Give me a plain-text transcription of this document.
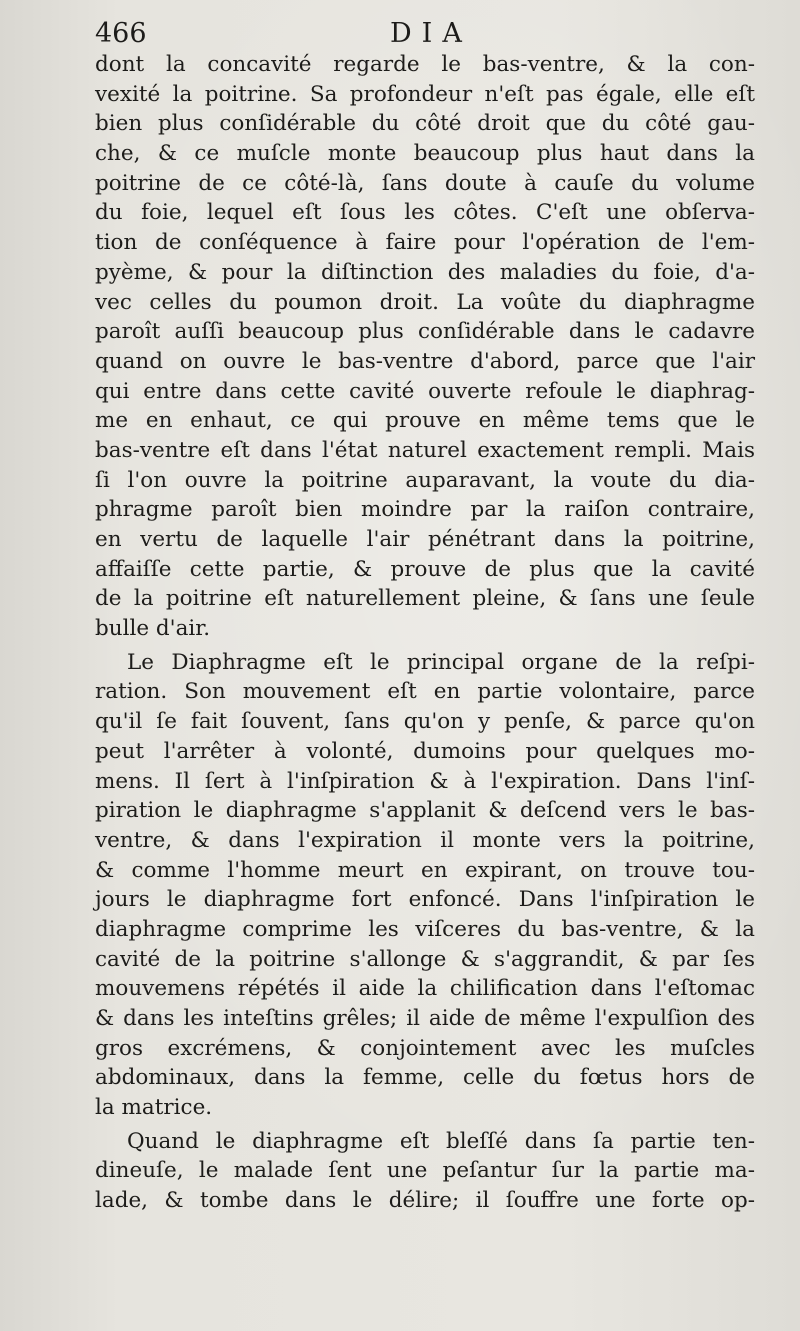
466	DIA
dont la concavité regarde le bas-ventre, & la con-
vexité la poitrine. Sa profondeur n'eſt pas égale, elle eſt
bien plus conſidérable du côté droit que du côté gau-
che, & ce muſcle monte beaucoup plus haut dans la
poitrine de ce côté-là, ſans doute à cauſe du volume
du foie, lequel eſt ſous les côtes. C'eſt une obſerva-
tion de conſéquence à faire pour l'opération de l'em-
pyème, & pour la diſtinction des maladies du foie, d'a-
vec celles du poumon droit. La voûte du diaphragme
paroît auſſi beaucoup plus conſidérable dans le cadavre
quand on ouvre le bas-ventre d'abord, parce que l'air
qui entre dans cette cavité ouverte refoule le diaphrag-
me en enhaut, ce qui prouve en même tems que le
bas-ventre eſt dans l'état naturel exactement rempli. Mais
ſi l'on ouvre la poitrine auparavant, la voute du dia-
phragme paroît bien moindre par la raiſon contraire,
en vertu de laquelle l'air pénétrant dans la poitrine,
affaiſſe cette partie, & prouve de plus que la cavité
de la poitrine eſt naturellement pleine, & ſans une ſeule
bulle d'air.
Le Diaphragme eſt le principal organe de la reſpi-
ration. Son mouvement eſt en partie volontaire, parce
qu'il ſe fait ſouvent, ſans qu'on y penſe, & parce qu'on
peut l'arrêter à volonté, dumoins pour quelques mo-
mens. Il ſert à l'inſpiration & à l'expiration. Dans l'inſ-
piration le diaphragme s'applanit & deſcend vers le bas-
ventre, & dans l'expiration il monte vers la poitrine,
& comme l'homme meurt en expirant, on trouve tou-
jours le diaphragme fort enfoncé. Dans l'inſpiration le
diaphragme comprime les viſceres du bas-ventre, & la
cavité de la poitrine s'allonge & s'aggrandit, & par ſes
mouvemens répétés il aide la chilification dans l'eſtomac
& dans les inteſtins grêles; il aide de même l'expulſion des
gros excrémens, & conjointement avec les muſcles
abdominaux, dans la femme, celle du fœtus hors de
la matrice.
Quand le diaphragme eſt bleſſé dans ſa partie ten-
dineuſe, le malade ſent une peſantur ſur la partie ma-
lade, & tombe dans le délire; il ſouffre une forte op-
